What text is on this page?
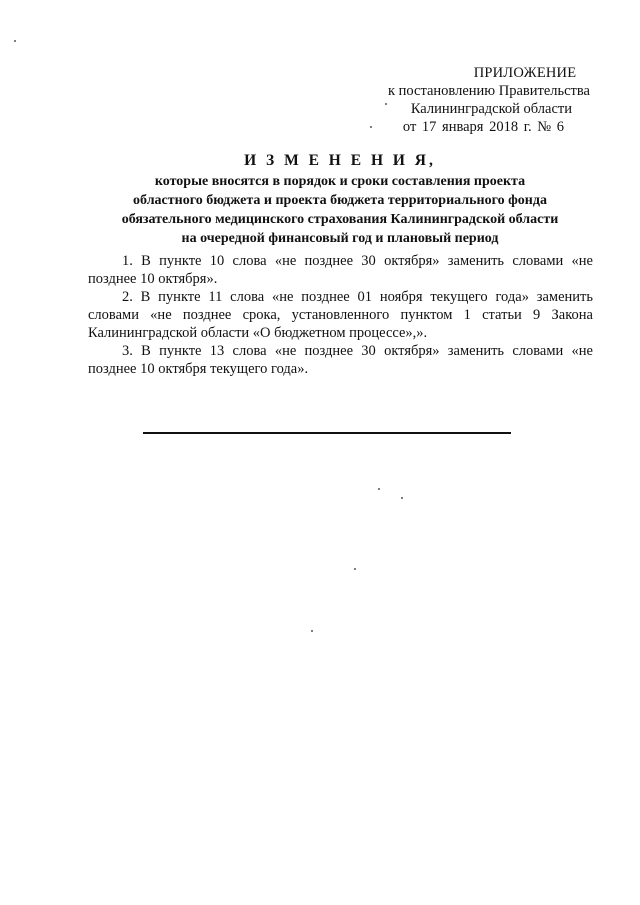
ПРИЛОЖЕНИЕ
к постановлению Правительства
Калининградской области
от 17 января 2018 г. № 6
И З М Е Н Е Н И Я,
которые вносятся в порядок и сроки составления проекта
областного бюджета и проекта бюджета территориального фонда
обязательного медицинского страхования Калининградской области
на очередной финансовый год и плановый период

1. В пункте 10 слова «не позднее 30 октября» заменить словами «не позднее 10 октября».

2. В пункте 11 слова «не позднее 01 ноября текущего года» заменить словами «не позднее срока, установленного пунктом 1 статьи 9 Закона Калининградской области «О бюджетном процессе»,».

3. В пункте 13 слова «не позднее 30 октября» заменить словами «не позднее 10 октября текущего года».
